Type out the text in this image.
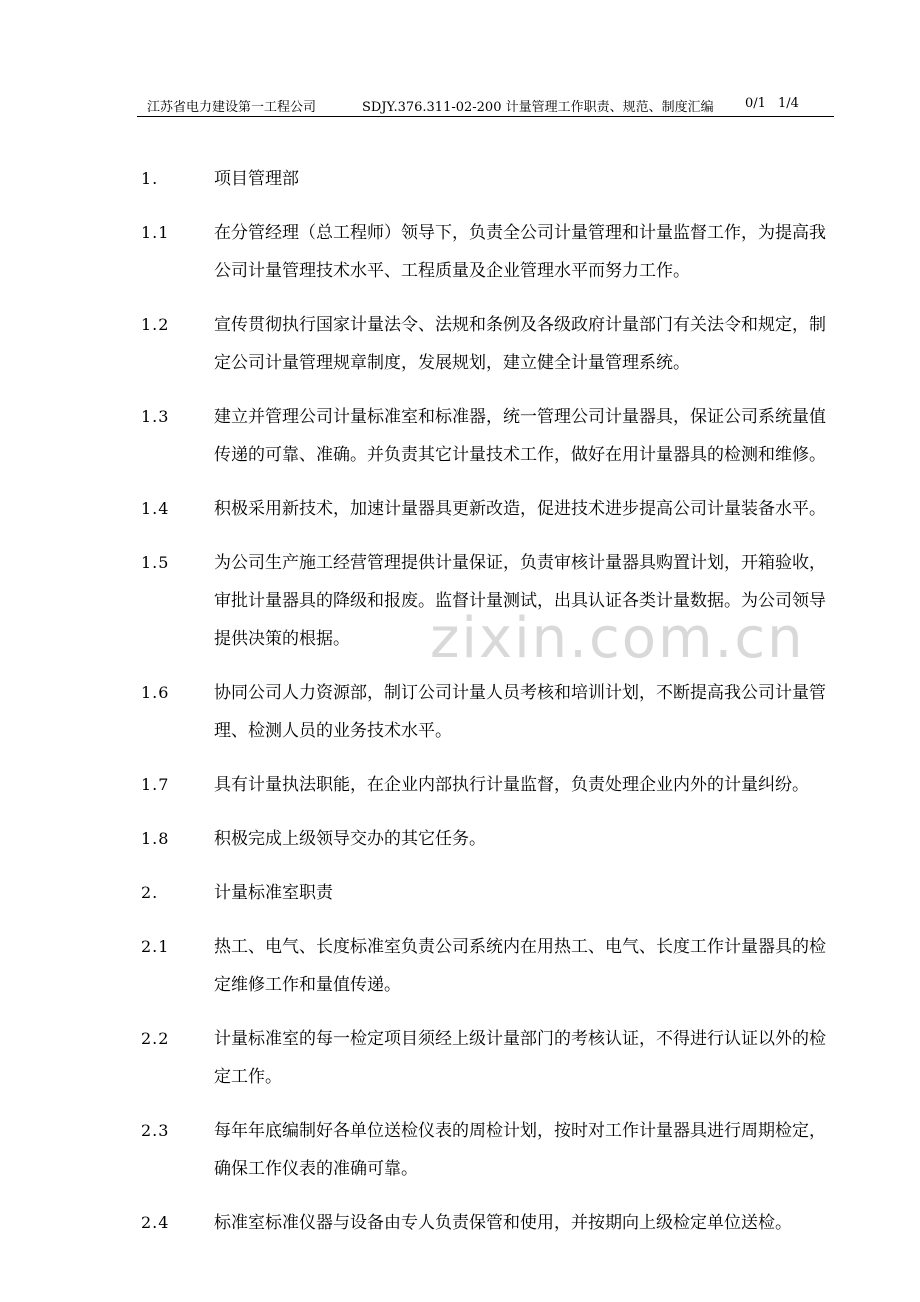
江苏省电力建设第一工程公司	SDJY.376.311-02-200 计量管理工作职责、规范、制度汇编 0/1 1/4
1.	项目管理部
1.1	在分管经理（总工程师）领导下，负责全公司计量管理和计量监督工作，为提高我公司计量管理技术水平、工程质量及企业管理水平而努力工作。
1.2	宣传贯彻执行国家计量法令、法规和条例及各级政府计量部门有关法令和规定，制定公司计量管理规章制度，发展规划，建立健全计量管理系统。
1.3	建立并管理公司计量标准室和标准器，统一管理公司计量器具，保证公司系统量值传递的可靠、准确。并负责其它计量技术工作，做好在用计量器具的检测和维修。
1.4	积极采用新技术，加速计量器具更新改造，促进技术进步提高公司计量装备水平。
1.5	为公司生产施工经营管理提供计量保证，负责审核计量器具购置计划，开箱验收，审批计量器具的降级和报废。监督计量测试，出具认证各类计量数据。为公司领导提供决策的根据。
1.6	协同公司人力资源部，制订公司计量人员考核和培训计划，不断提高我公司计量管理、检测人员的业务技术水平。
1.7	具有计量执法职能，在企业内部执行计量监督，负责处理企业内外的计量纠纷。
1.8	积极完成上级领导交办的其它任务。
2.	计量标准室职责
2.1	热工、电气、长度标准室负责公司系统内在用热工、电气、长度工作计量器具的检定维修工作和量值传递。
2.2	计量标准室的每一检定项目须经上级计量部门的考核认证，不得进行认证以外的检定工作。
2.3	每年年底编制好各单位送检仪表的周检计划，按时对工作计量器具进行周期检定，确保工作仪表的准确可靠。
2.4	标准室标准仪器与设备由专人负责保管和使用，并按期向上级检定单位送检。
zixin.com.cn
